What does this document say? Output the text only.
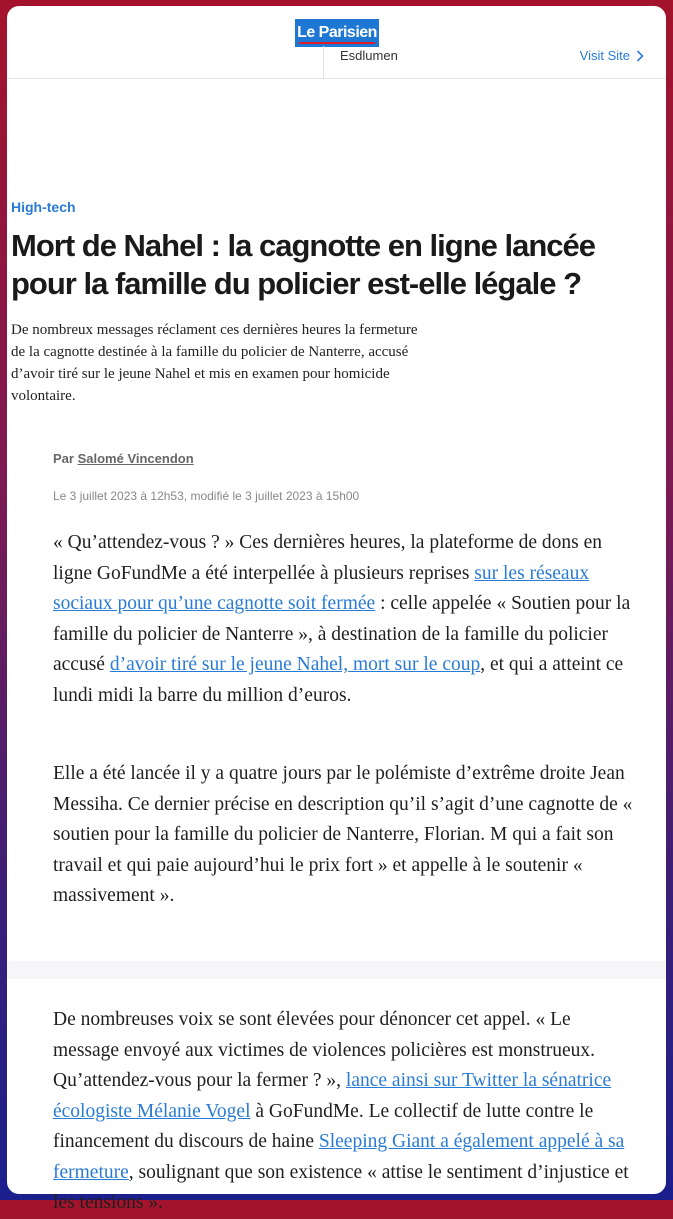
Le Parisien
Esdlumen	Visit Site
High-tech
Mort de Nahel : la cagnotte en ligne lancée pour la famille du policier est-elle légale ?

De nombreux messages réclament ces dernières heures la fermeture de la cagnotte destinée à la famille du policier de Nanterre, accusé d’avoir tiré sur le jeune Nahel et mis en examen pour homicide volontaire.

Par Salomé Vincendon
Le 3 juillet 2023 à 12h53, modifié le 3 juillet 2023 à 15h00

« Qu’attendez-vous ? » Ces dernières heures, la plateforme de dons en ligne GoFundMe a été interpellée à plusieurs reprises sur les réseaux sociaux pour qu’une cagnotte soit fermée : celle appelée « Soutien pour la famille du policier de Nanterre », à destination de la famille du policier accusé d’avoir tiré sur le jeune Nahel, mort sur le coup, et qui a atteint ce lundi midi la barre du million d’euros.

Elle a été lancée il y a quatre jours par le polémiste d’extrême droite Jean Messiha. Ce dernier précise en description qu’il s’agit d’une cagnotte de « soutien pour la famille du policier de Nanterre, Florian. M qui a fait son travail et qui paie aujourd’hui le prix fort » et appelle à le soutenir « massivement ».

De nombreuses voix se sont élevées pour dénoncer cet appel. « Le message envoyé aux victimes de violences policières est monstrueux. Qu’attendez-vous pour la fermer ? », lance ainsi sur Twitter la sénatrice écologiste Mélanie Vogel à GoFundMe. Le collectif de lutte contre le financement du discours de haine Sleeping Giant a également appelé à sa fermeture, soulignant que son existence « attise le sentiment d’injustice et les tensions ».
